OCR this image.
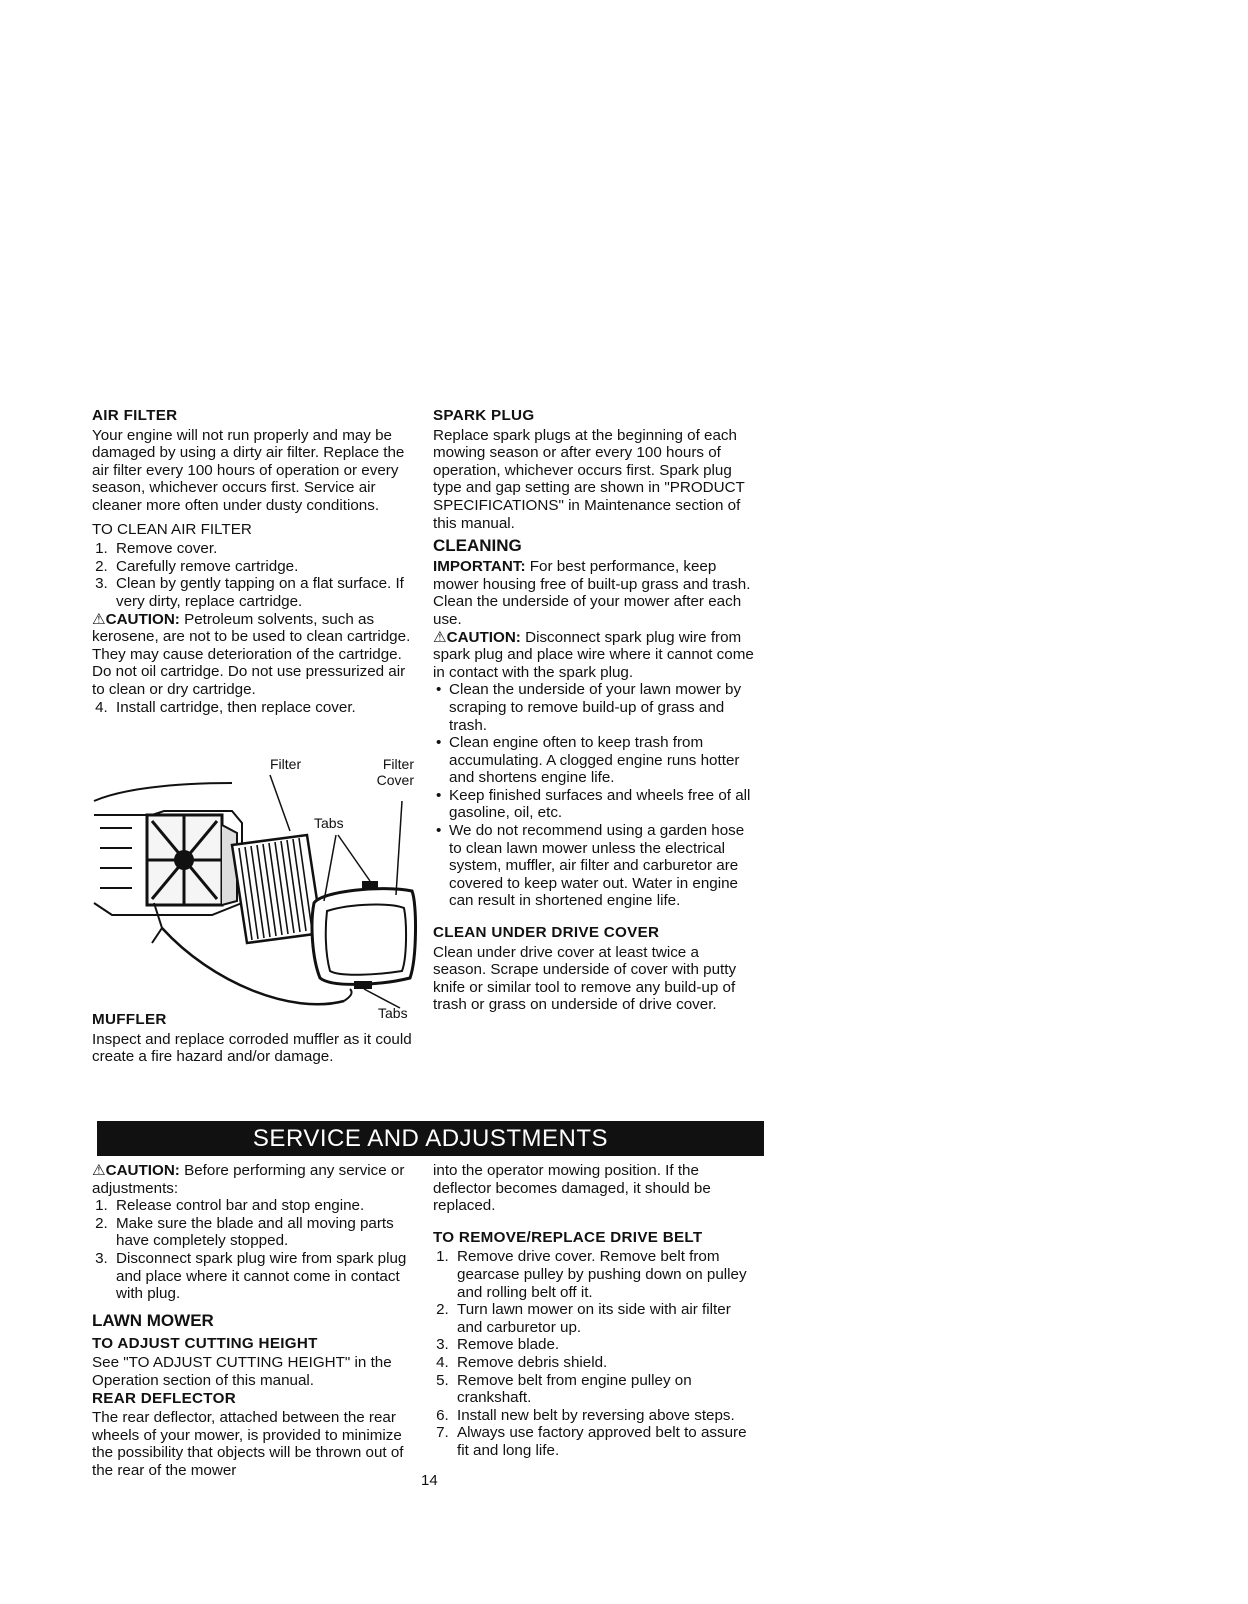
AIR FILTER

Your engine will not run properly and may be damaged by using a dirty air filter. Replace the air filter every 100 hours of operation or every season, whichever occurs first. Service air cleaner more often under dusty conditions.

TO CLEAN AIR FILTER
1. Remove cover.
2. Carefully remove cartridge.
3. Clean by gently tapping on a flat surface. If very dirty, replace cartridge.

⚠CAUTION: Petroleum solvents, such as kerosene, are not to be used to clean cartridge. They may cause deterioration of the cartridge. Do not oil cartridge. Do not use pressurized air to clean or dry cartridge.

4. Install cartridge, then replace cover.
Filter	Filter Cover
Tabs
Tabs
MUFFLER

Inspect and replace corroded muffler as it could create a fire hazard and/or damage.

SPARK PLUG

Replace spark plugs at the beginning of each mowing season or after every 100 hours of operation, whichever occurs first. Spark plug type and gap setting are shown in "PRODUCT SPECIFICATIONS" in Maintenance section of this manual.

CLEANING

IMPORTANT: For best performance, keep mower housing free of built-up grass and trash. Clean the underside of your mower after each use.

⚠CAUTION: Disconnect spark plug wire from spark plug and place wire where it cannot come in contact with the spark plug.

• Clean the underside of your lawn mower by scraping to remove build-up of grass and trash.
• Clean engine often to keep trash from accumulating. A clogged engine runs hotter and shortens engine life.
• Keep finished surfaces and wheels free of all gasoline, oil, etc.
• We do not recommend using a garden hose to clean lawn mower unless the electrical system, muffler, air filter and carburetor are covered to keep water out. Water in engine can result in shortened engine life.
CLEAN UNDER DRIVE COVER

Clean under drive cover at least twice a season. Scrape underside of cover with putty knife or similar tool to remove any build-up of trash or grass on underside of drive cover.

SERVICE AND ADJUSTMENTS

⚠CAUTION: Before performing any service or adjustments:

1. Release control bar and stop engine.
2. Make sure the blade and all moving parts have completely stopped.
3. Disconnect spark plug wire from spark plug and place where it cannot come in contact with plug.
LAWN MOWER
TO ADJUST CUTTING HEIGHT

See "TO ADJUST CUTTING HEIGHT" in the Operation section of this manual.

REAR DEFLECTOR

The rear deflector, attached between the rear wheels of your mower, is provided to minimize the possibility that objects will be thrown out of the rear of the mower

into the operator mowing position. If the deflector becomes damaged, it should be replaced.

TO REMOVE/REPLACE DRIVE BELT
1. Remove drive cover. Remove belt from gearcase pulley by pushing down on pulley and rolling belt off it.
2. Turn lawn mower on its side with air filter and carburetor up.
3. Remove blade.
4. Remove debris shield.
5. Remove belt from engine pulley on crankshaft.
6. Install new belt by reversing above steps.
7. Always use factory approved belt to assure fit and long life.
14
